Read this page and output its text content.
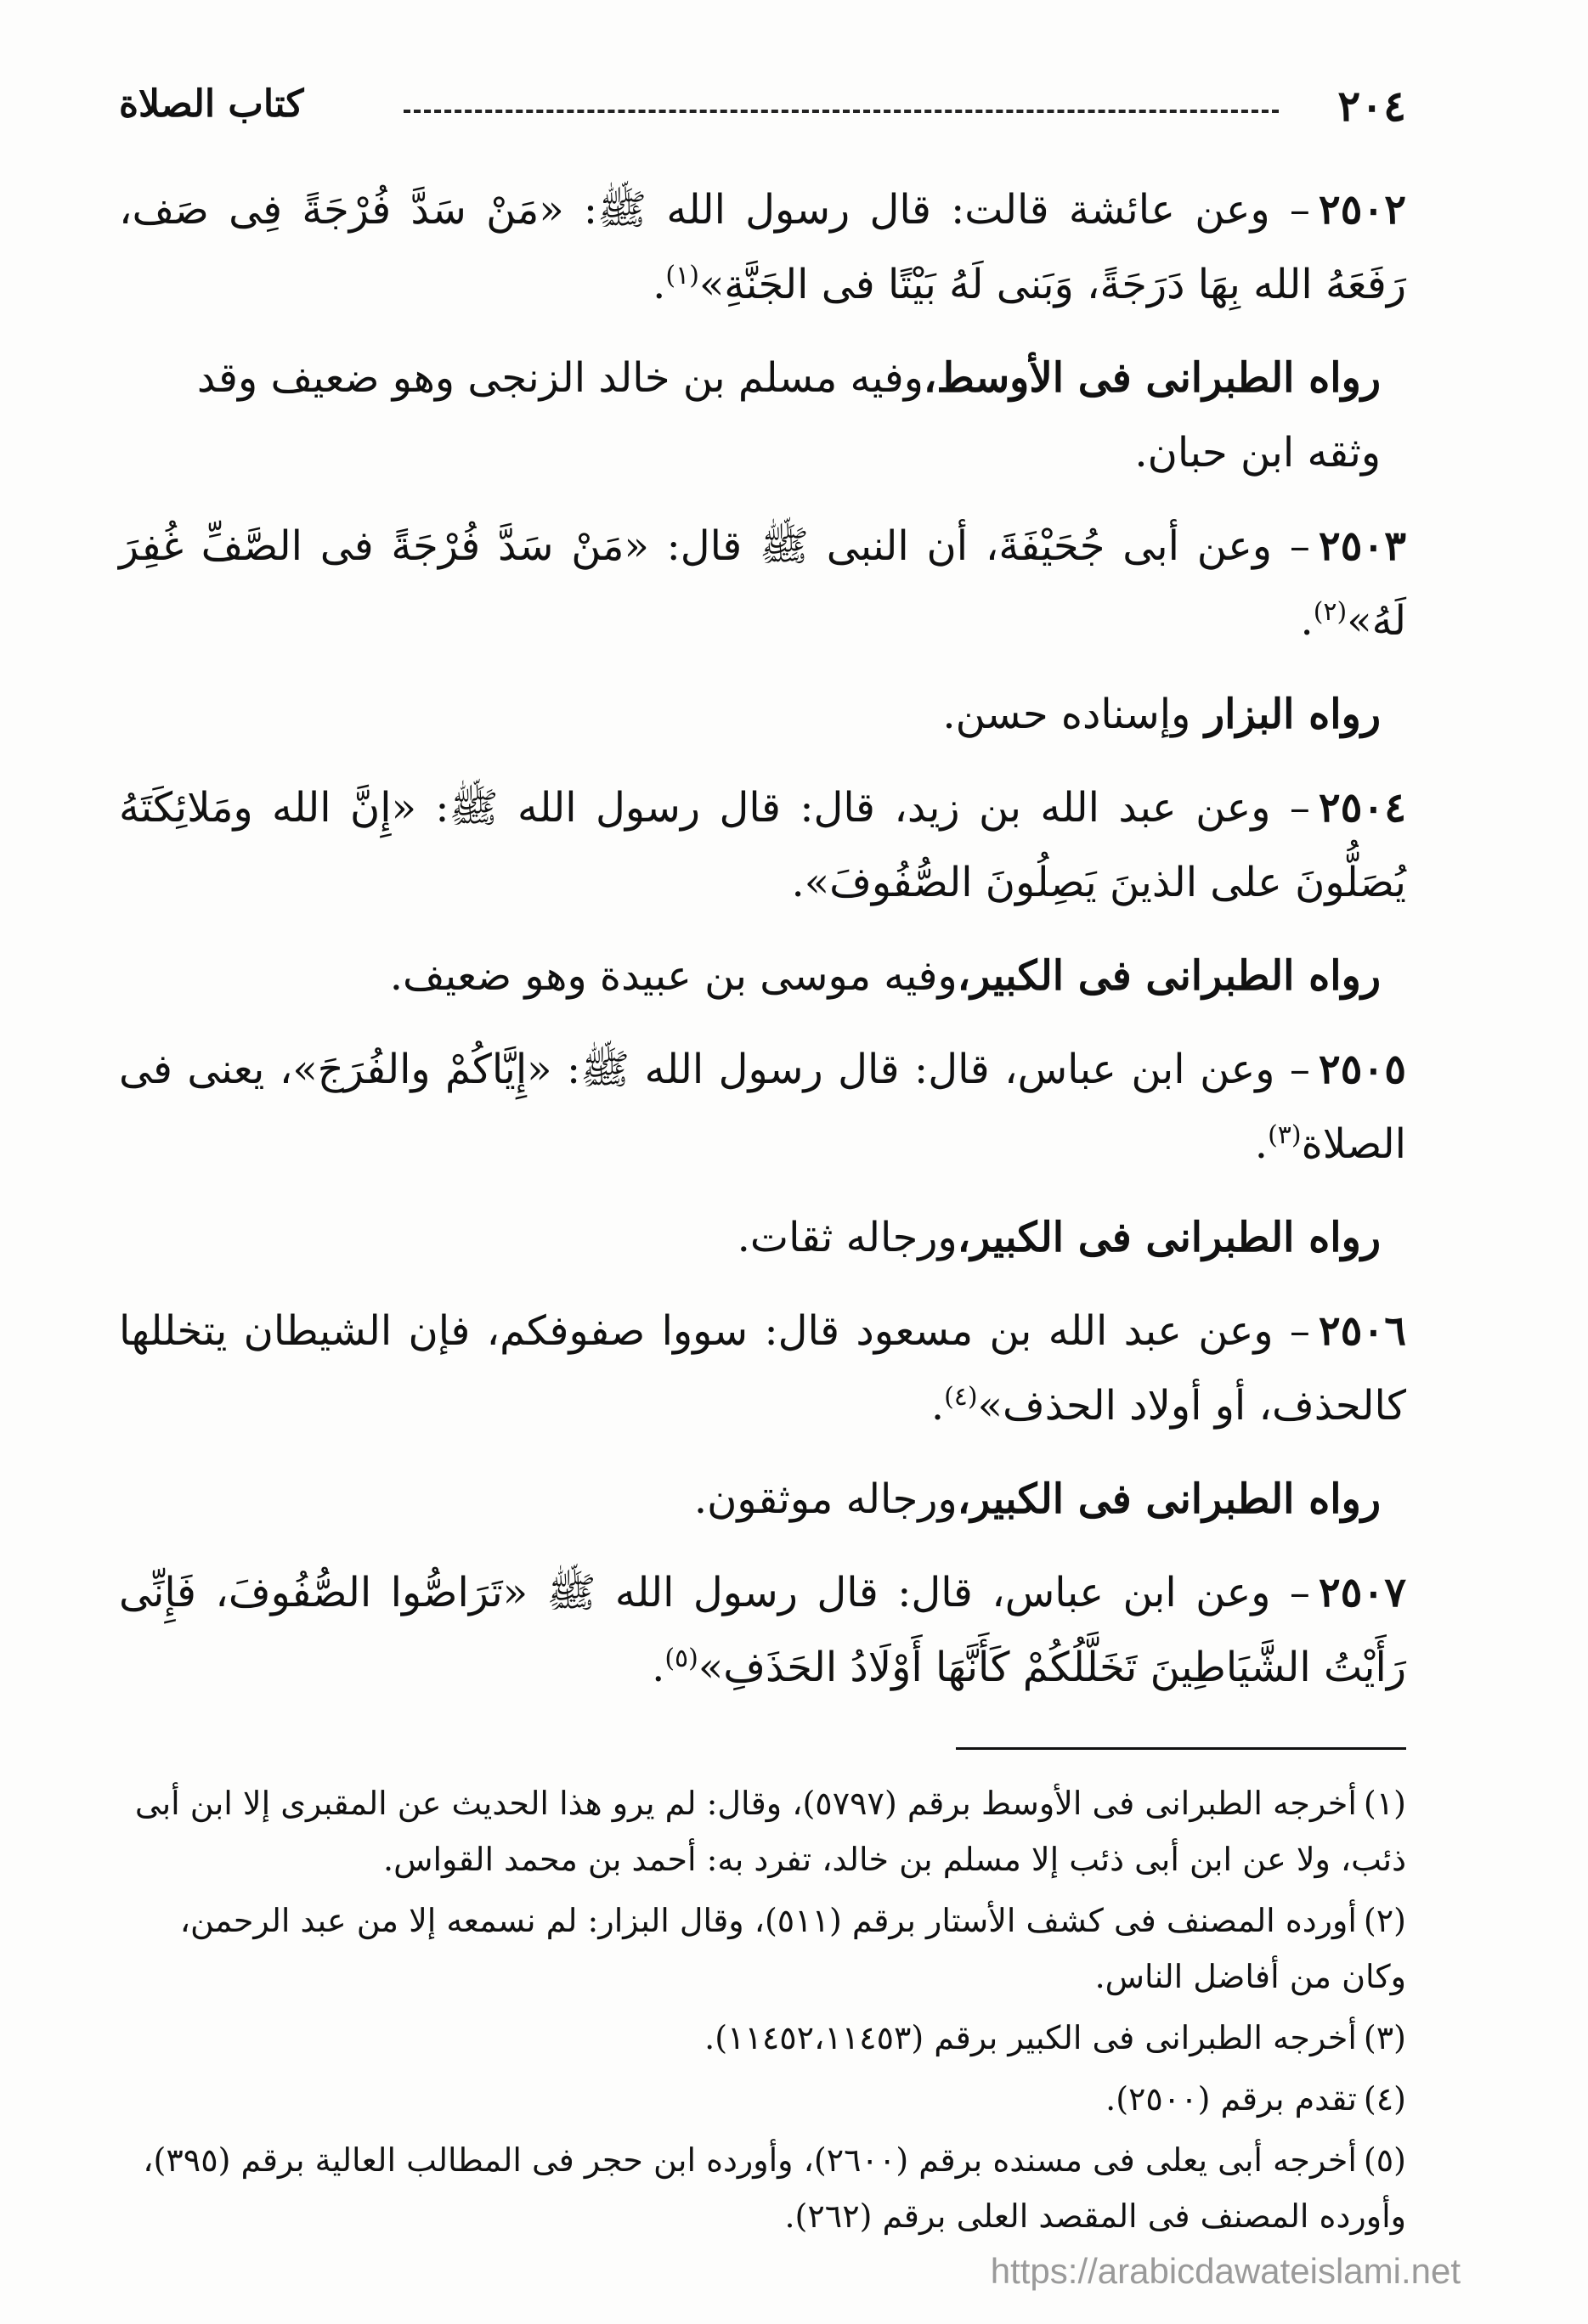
٢٠٤
كتاب الصلاة

٢٥٠٢– وعن عائشة قالت: قال رسول الله ﷺ: «مَنْ سَدَّ فُرْجَةً فِى صَف، رَفَعَهُ الله بِهَا دَرَجَةً، وَبَنى لَهُ بَيْتًا فى الجَنَّةِ»$^{(١)}$.

رواه الطبرانى فى الأوسط،وفيه مسلم بن خالد الزنجى وهو ضعيف وقد وثقه ابن حبان.

٢٥٠٣– وعن أبى جُحَيْفَةَ، أن النبى ﷺ قال: «مَنْ سَدَّ فُرْجَةً فى الصَّفِّ غُفِرَ لَهُ»$^{(٢)}$.

رواه البزار وإسناده حسن.

٢٥٠٤– وعن عبد الله بن زيد، قال: قال رسول الله ﷺ: «إِنَّ الله ومَلائِكَتَهُ يُصَلُّونَ على الذينَ يَصِلُونَ الصُّفُوفَ».

رواه الطبرانى فى الكبير،وفيه موسى بن عبيدة وهو ضعيف.

٢٥٠٥– وعن ابن عباس، قال: قال رسول الله ﷺ: «إِيَّاكُمْ والفُرَجَ»، يعنى فى الصلاة$^{(٣)}$.

رواه الطبرانى فى الكبير،ورجاله ثقات.

٢٥٠٦– وعن عبد الله بن مسعود قال: سووا صفوفكم، فإن الشيطان يتخللها كالحذف، أو أولاد الحذف»$^{(٤)}$.

رواه الطبرانى فى الكبير،ورجاله موثقون.

٢٥٠٧– وعن ابن عباس، قال: قال رسول الله ﷺ «تَرَاصُّوا الصُّفُوفَ، فَإِنِّى رَأَيْتُ الشَّيَاطِينَ تَخَلَّلُكُمْ كَأَنَّهَا أَوْلَادُ الحَذَفِ»$^{(٥)}$.

(١)أخرجه الطبرانى فى الأوسط برقم (٥٧٩٧)، وقال: لم يرو هذا الحديث عن المقبرى إلا ابن أبى ذئب، ولا عن ابن أبى ذئب إلا مسلم بن خالد، تفرد به: أحمد بن محمد القواس.

(٢)أورده المصنف فى كشف الأستار برقم (٥١١)، وقال البزار: لم نسمعه إلا من عبد الرحمن، وكان من أفاضل الناس.

(٣)أخرجه الطبرانى فى الكبير برقم (١١٤٥٢،١١٤٥٣).

(٤)تقدم برقم (٢٥٠٠).

(٥)أخرجه أبى يعلى فى مسنده برقم (٢٦٠٠)، وأورده ابن حجر فى المطالب العالية برقم (٣٩٥)، وأورده المصنف فى المقصد العلى برقم (٢٦٢).

https://arabicdawateislami.net
